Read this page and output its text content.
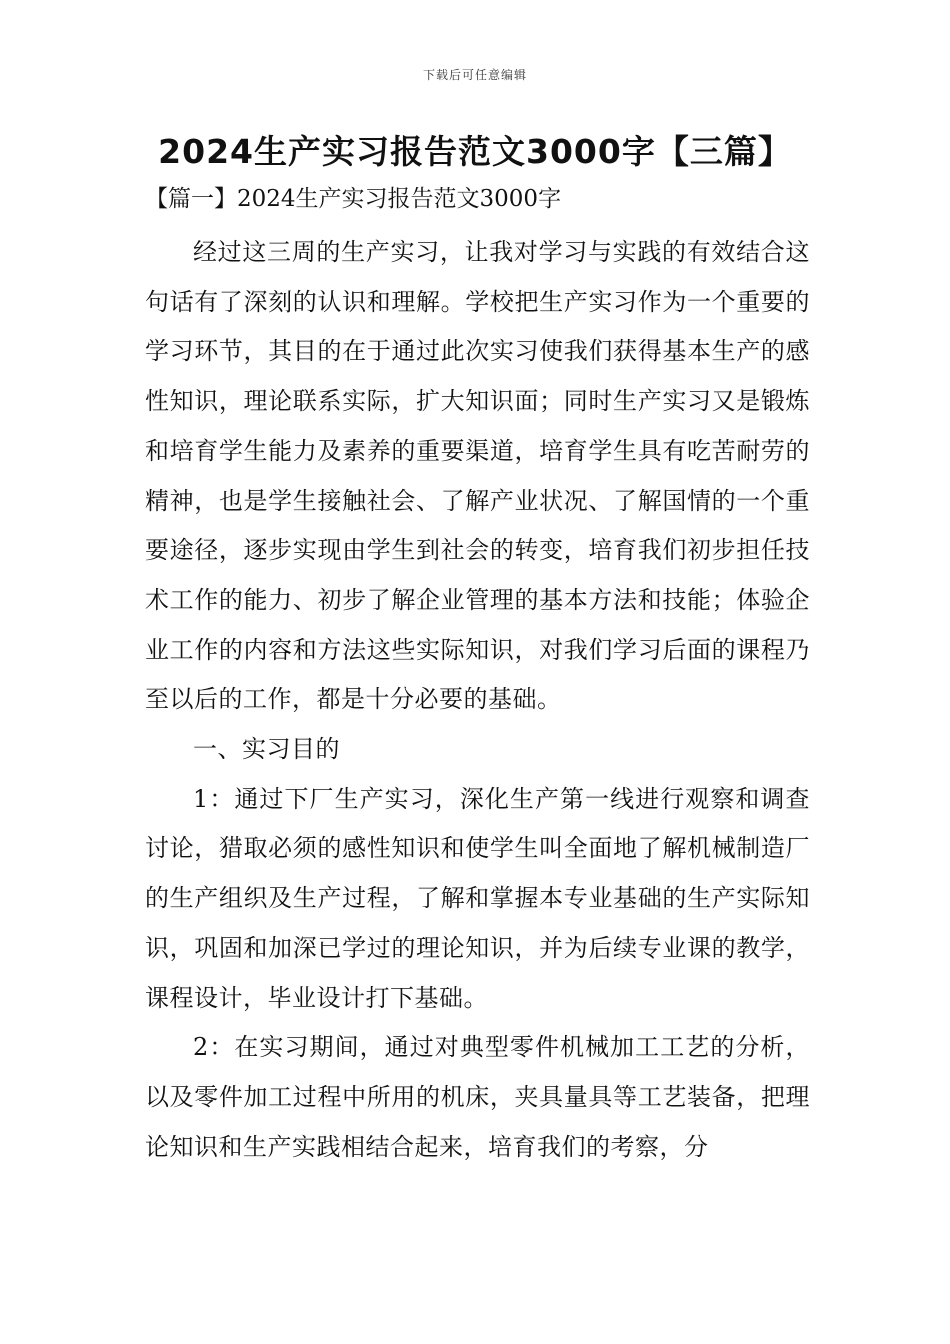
下载后可任意编辑
2024生产实习报告范文3000字【三篇】
【篇一】2024生产实习报告范文3000字

经过这三周的生产实习，让我对学习与实践的有效结合这句话有了深刻的认识和理解。学校把生产实习作为一个重要的学习环节，其目的在于通过此次实习使我们获得基本生产的感性知识，理论联系实际，扩大知识面；同时生产实习又是锻炼和培育学生能力及素养的重要渠道，培育学生具有吃苦耐劳的精神，也是学生接触社会、了解产业状况、了解国情的一个重要途径，逐步实现由学生到社会的转变，培育我们初步担任技术工作的能力、初步了解企业管理的基本方法和技能；体验企业工作的内容和方法这些实际知识，对我们学习后面的课程乃至以后的工作，都是十分必要的基础。

一、实习目的

1：通过下厂生产实习，深化生产第一线进行观察和调查讨论，猎取必须的感性知识和使学生叫全面地了解机械制造厂的生产组织及生产过程，了解和掌握本专业基础的生产实际知识，巩固和加深已学过的理论知识，并为后续专业课的教学，课程设计，毕业设计打下基础。

2：在实习期间，通过对典型零件机械加工工艺的分析，以及零件加工过程中所用的机床，夹具量具等工艺装备，把理论知识和生产实践相结合起来，培育我们的考察，分
